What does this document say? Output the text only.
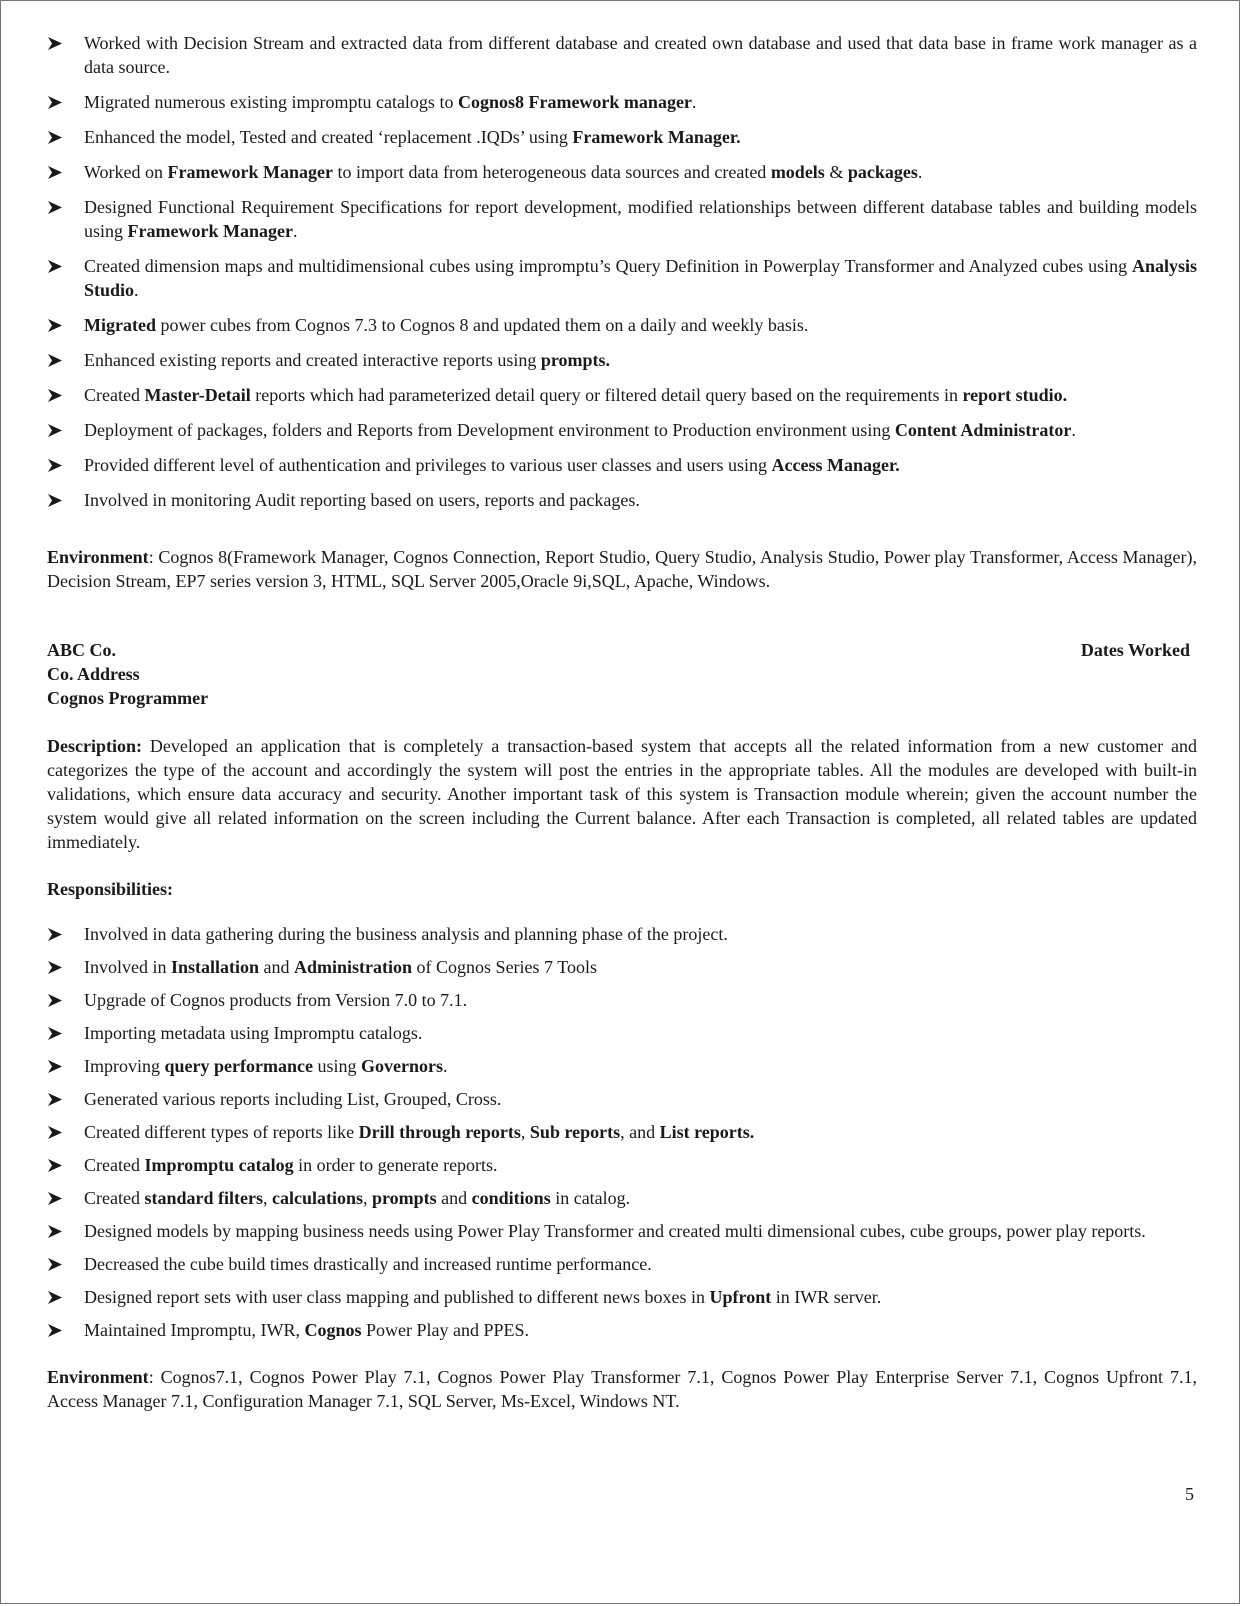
Worked with Decision Stream and extracted data from different database and created own database and used that data base in frame work manager as a data source.
Migrated numerous existing impromptu catalogs to Cognos8 Framework manager.
Enhanced the model, Tested and created ‘replacement .IQDs’ using Framework Manager.
Worked on Framework Manager to import data from heterogeneous data sources and created models & packages.
Designed Functional Requirement Specifications for report development, modified relationships between different database tables and building models using Framework Manager.
Created dimension maps and multidimensional cubes using impromptu’s Query Definition in Powerplay Transformer and Analyzed cubes using Analysis Studio.
Migrated power cubes from Cognos 7.3 to Cognos 8 and updated them on a daily and weekly basis.
Enhanced existing reports and created interactive reports using prompts.
Created Master-Detail reports which had parameterized detail query or filtered detail query based on the requirements in report studio.
Deployment of packages, folders and Reports from Development environment to Production environment using Content Administrator.
Provided different level of authentication and privileges to various user classes and users using Access Manager.
Involved in monitoring Audit reporting based on users, reports and packages.

Environment: Cognos 8(Framework Manager, Cognos Connection, Report Studio, Query Studio, Analysis Studio, Power play Transformer, Access Manager), Decision Stream, EP7 series version 3, HTML, SQL Server 2005,Oracle 9i,SQL, Apache, Windows.

ABC Co.
Co. Address
Cognos Programmer
Dates Worked

Description: Developed an application that is completely a transaction-based system that accepts all the related information from a new customer and categorizes the type of the account and accordingly the system will post the entries in the appropriate tables. All the modules are developed with built-in validations, which ensure data accuracy and security. Another important task of this system is Transaction module wherein; given the account number the system would give all related information on the screen including the Current balance. After each Transaction is completed, all related tables are updated immediately.

Responsibilities:
Involved in data gathering during the business analysis and planning phase of the project.
Involved in Installation and Administration of Cognos Series 7 Tools
Upgrade of Cognos products from Version 7.0 to 7.1.
Importing metadata using Impromptu catalogs.
Improving query performance using Governors.
Generated various reports including List, Grouped, Cross.
Created different types of reports like Drill through reports, Sub reports, and List reports.
Created Impromptu catalog in order to generate reports.
Created standard filters, calculations, prompts and conditions in catalog.
Designed models by mapping business needs using Power Play Transformer and created multi dimensional cubes, cube groups, power play reports.
Decreased the cube build times drastically and increased runtime performance.
Designed report sets with user class mapping and published to different news boxes in Upfront in IWR server.
Maintained Impromptu, IWR, Cognos Power Play and PPES.

Environment: Cognos7.1, Cognos Power Play 7.1, Cognos Power Play Transformer 7.1, Cognos Power Play Enterprise Server 7.1, Cognos Upfront 7.1, Access Manager 7.1, Configuration Manager 7.1, SQL Server, Ms-Excel, Windows NT.

5
